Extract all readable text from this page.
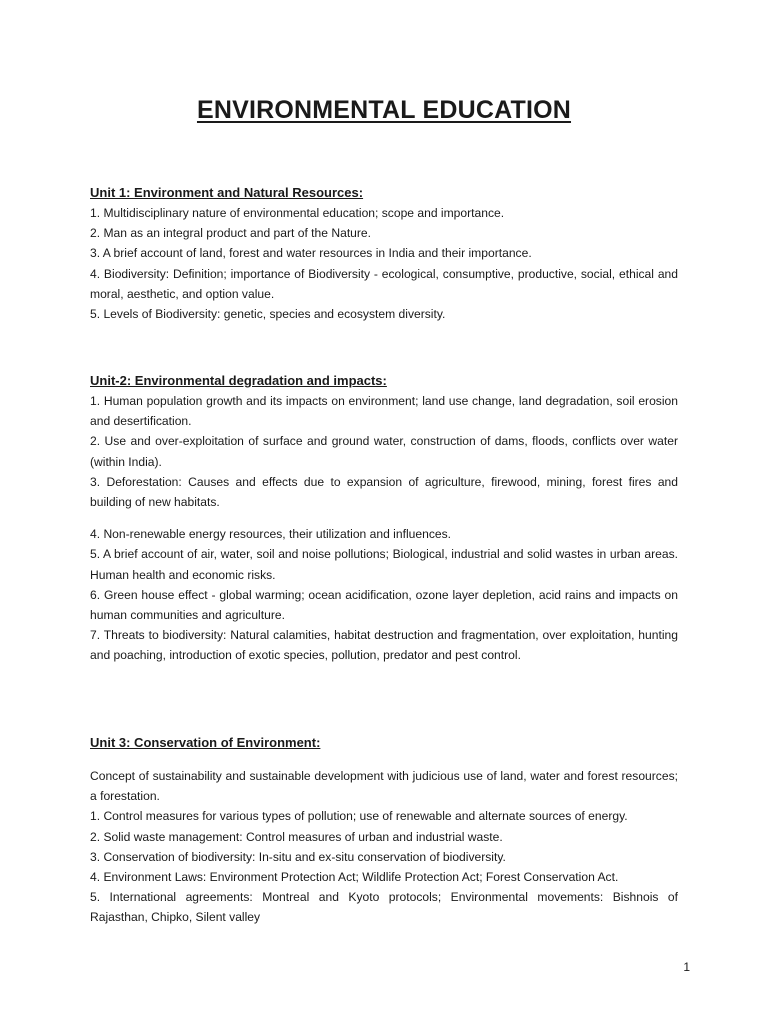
ENVIRONMENTAL EDUCATION

Unit 1: Environment and Natural Resources:

1. Multidisciplinary nature of environmental education; scope and importance.

2. Man as an integral product and part of the Nature.

3. A brief account of land, forest and water resources in India and their importance.

4. Biodiversity: Definition; importance of Biodiversity - ecological, consumptive, productive, social, ethical and moral, aesthetic, and option value.

5. Levels of Biodiversity: genetic, species and ecosystem diversity.

Unit-2: Environmental degradation and impacts:

1. Human population growth and its impacts on environment; land use change, land degradation, soil erosion and desertification.

2. Use and over-exploitation of surface and ground water, construction of dams, floods, conflicts over water (within India).

3. Deforestation: Causes and effects due to expansion of agriculture, firewood, mining, forest fires and building of new habitats.

4. Non-renewable energy resources, their utilization and influences.

5. A brief account of air, water, soil and noise pollutions; Biological, industrial and solid wastes in urban areas. Human health and economic risks.

6. Green house effect - global warming; ocean acidification, ozone layer depletion, acid rains and impacts on human communities and agriculture.

7. Threats to biodiversity: Natural calamities, habitat destruction and fragmentation, over exploitation, hunting and poaching, introduction of exotic species, pollution, predator and pest control.

Unit 3: Conservation of Environment:

Concept of sustainability and sustainable development with judicious use of land, water and forest resources; a forestation.

1. Control measures for various types of pollution; use of renewable and alternate sources of energy.

2. Solid waste management: Control measures of urban and industrial waste.

3. Conservation of biodiversity: In-situ and ex-situ conservation of biodiversity.

4. Environment Laws: Environment Protection Act; Wildlife Protection Act; Forest Conservation Act.

5. International agreements: Montreal and Kyoto protocols; Environmental movements: Bishnois of Rajasthan, Chipko, Silent valley

1
